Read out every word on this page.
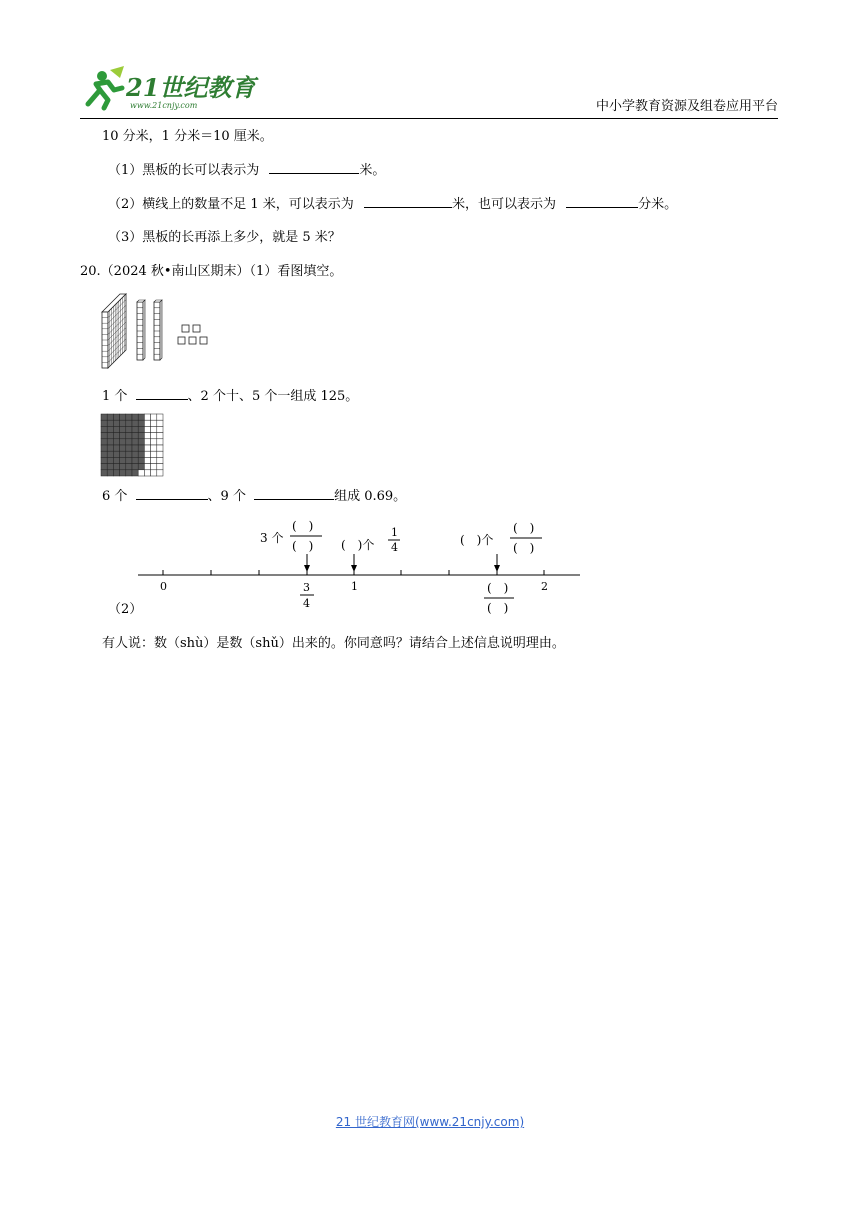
21世纪教育
www.21cnjy.com	中小学教育资源及组卷应用平台
10 分米，1 分米＝10 厘米。
（1）黑板的长可以表示为	米。
（2）横线上的数量不足 1 米，可以表示为	米，也可以表示为	分米。
（3）黑板的长再添上多少，就是 5 米？
20.（2024 秋•南山区期末）（1）看图填空。
1 个	、2 个十、5 个一组成 125。
6 个	、9 个	组成 0.69。
0	1	2
3 个
(　)
(　)
3
4
(　)个
1
4
(　)个
(　)
(　)
(　)
(　)
（2）
有人说：数（shù）是数（shǔ）出来的。你同意吗？请结合上述信息说明理由。
21 世纪教育网(www.21cnjy.com)
